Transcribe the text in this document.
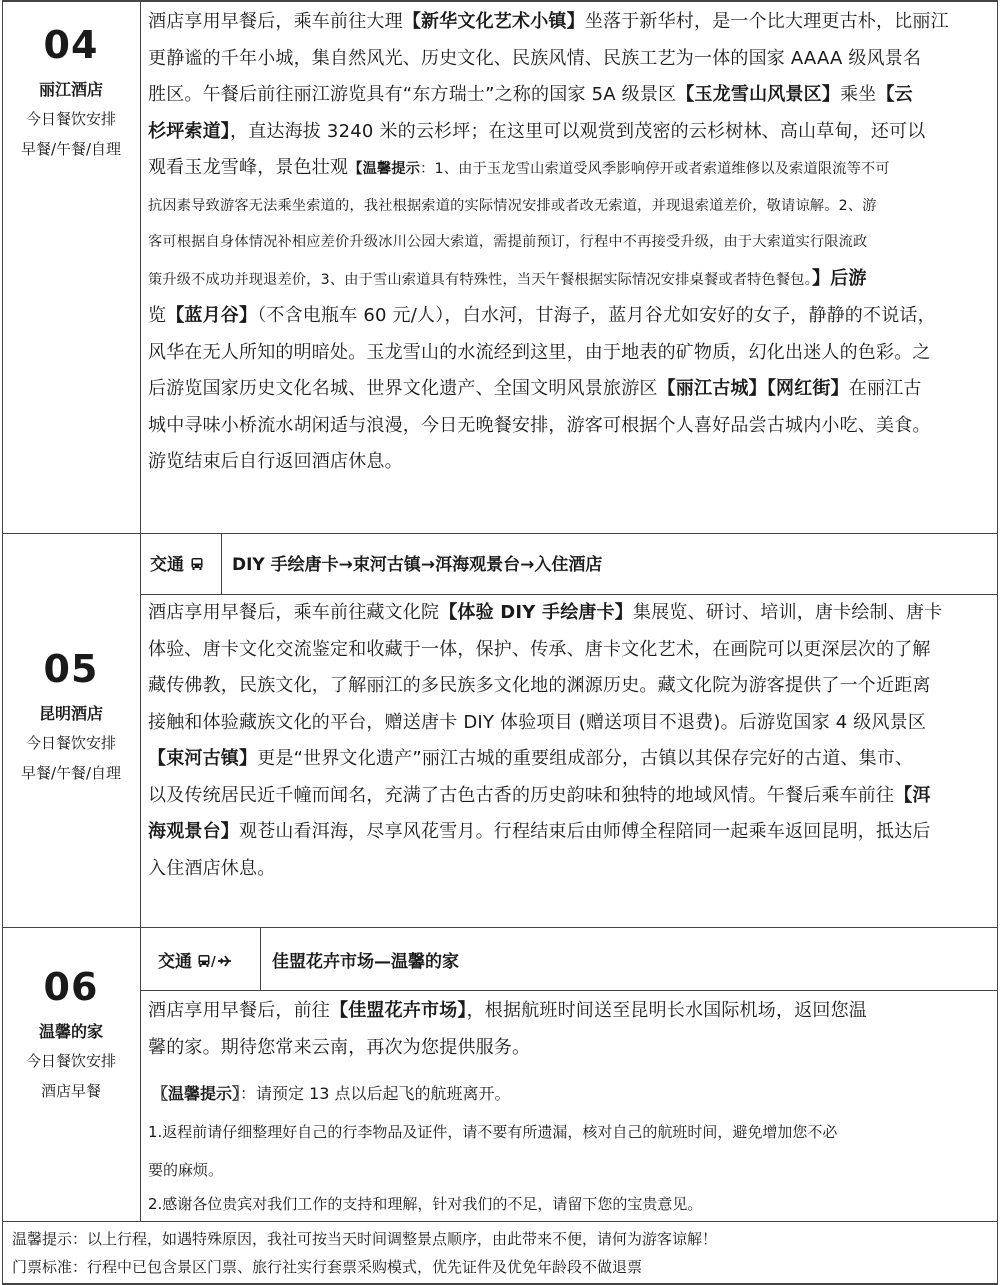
04
丽江酒店
今日餐饮安排
早餐/午餐/自理
酒店享用早餐后，乘车前往大理【新华文化艺术小镇】坐落于新华村，是一个比大理更古朴，比丽江
更静谧的千年小城，集自然风光、历史文化、民族风情、民族工艺为一体的国家 AAAA 级风景名
胜区。午餐后前往丽江游览具有“东方瑞士”之称的国家 5A 级景区【玉龙雪山风景区】乘坐【云
杉坪索道】，直达海拔 3240 米的云杉坪；在这里可以观赏到茂密的云杉树林、高山草甸，还可以
观看玉龙雪峰，景色壮观【温馨提示：1、由于玉龙雪山索道受风季影响停开或者索道维修以及索道限流等不可
抗因素导致游客无法乘坐索道的，我社根据索道的实际情况安排或者改无索道，并现退索道差价，敬请谅解。2、游
客可根据自身体情况补相应差价升级冰川公园大索道，需提前预订，行程中不再接受升级，由于大索道实行限流政
策升级不成功并现退差价，3、由于雪山索道具有特殊性，当天午餐根据实际情况安排桌餐或者特色餐包。】后游
览【蓝月谷】（不含电瓶车 60 元/人），白水河，甘海子，蓝月谷尤如安好的女子，静静的不说话，
风华在无人所知的明暗处。玉龙雪山的水流经到这里，由于地表的矿物质，幻化出迷人的色彩。之
后游览国家历史文化名城、世界文化遗产、全国文明风景旅游区【丽江古城】【网红街】在丽江古
城中寻味小桥流水胡闲适与浪漫，今日无晚餐安排，游客可根据个人喜好品尝古城内小吃、美食。
游览结束后自行返回酒店休息。
交通	DIY 手绘唐卡→束河古镇→洱海观景台→入住酒店
05
昆明酒店
今日餐饮安排
早餐/午餐/自理
酒店享用早餐后，乘车前往藏文化院【体验 DIY 手绘唐卡】集展览、研讨、培训，唐卡绘制、唐卡
体验、唐卡文化交流鉴定和收藏于一体，保护、传承、唐卡文化艺术，在画院可以更深层次的了解
藏传佛教，民族文化，了解丽江的多民族多文化地的渊源历史。藏文化院为游客提供了一个近距离
接触和体验藏族文化的平台，赠送唐卡 DIY 体验项目 (赠送项目不退费)。后游览国家 4 级风景区
【束河古镇】更是“世界文化遗产”丽江古城的重要组成部分，古镇以其保存完好的古道、集市、
以及传统居民近千幢而闻名，充满了古色古香的历史韵味和独特的地域风情。午餐后乘车前往【洱
海观景台】观苍山看洱海，尽享风花雪月。行程结束后由师傅全程陪同一起乘车返回昆明，抵达后
入住酒店休息。
交通 /	佳盟花卉市场—温馨的家
06
温馨的家
今日餐饮安排
酒店早餐
酒店享用早餐后，前往【佳盟花卉市场】，根据航班时间送至昆明长水国际机场，返回您温
馨的家。期待您常来云南，再次为您提供服务。
〖温馨提示〗：请预定 13 点以后起飞的航班离开。
1.返程前请仔细整理好自己的行李物品及证件，请不要有所遗漏，核对自己的航班时间，避免增加您不必
要的麻烦。
2.感谢各位贵宾对我们工作的支持和理解，针对我们的不足，请留下您的宝贵意见。
温馨提示：以上行程，如遇特殊原因，我社可按当天时间调整景点顺序，由此带来不便，请何为游客谅解！
门票标准：行程中已包含景区门票、旅行社实行套票采购模式，优先证件及优免年龄段不做退票
